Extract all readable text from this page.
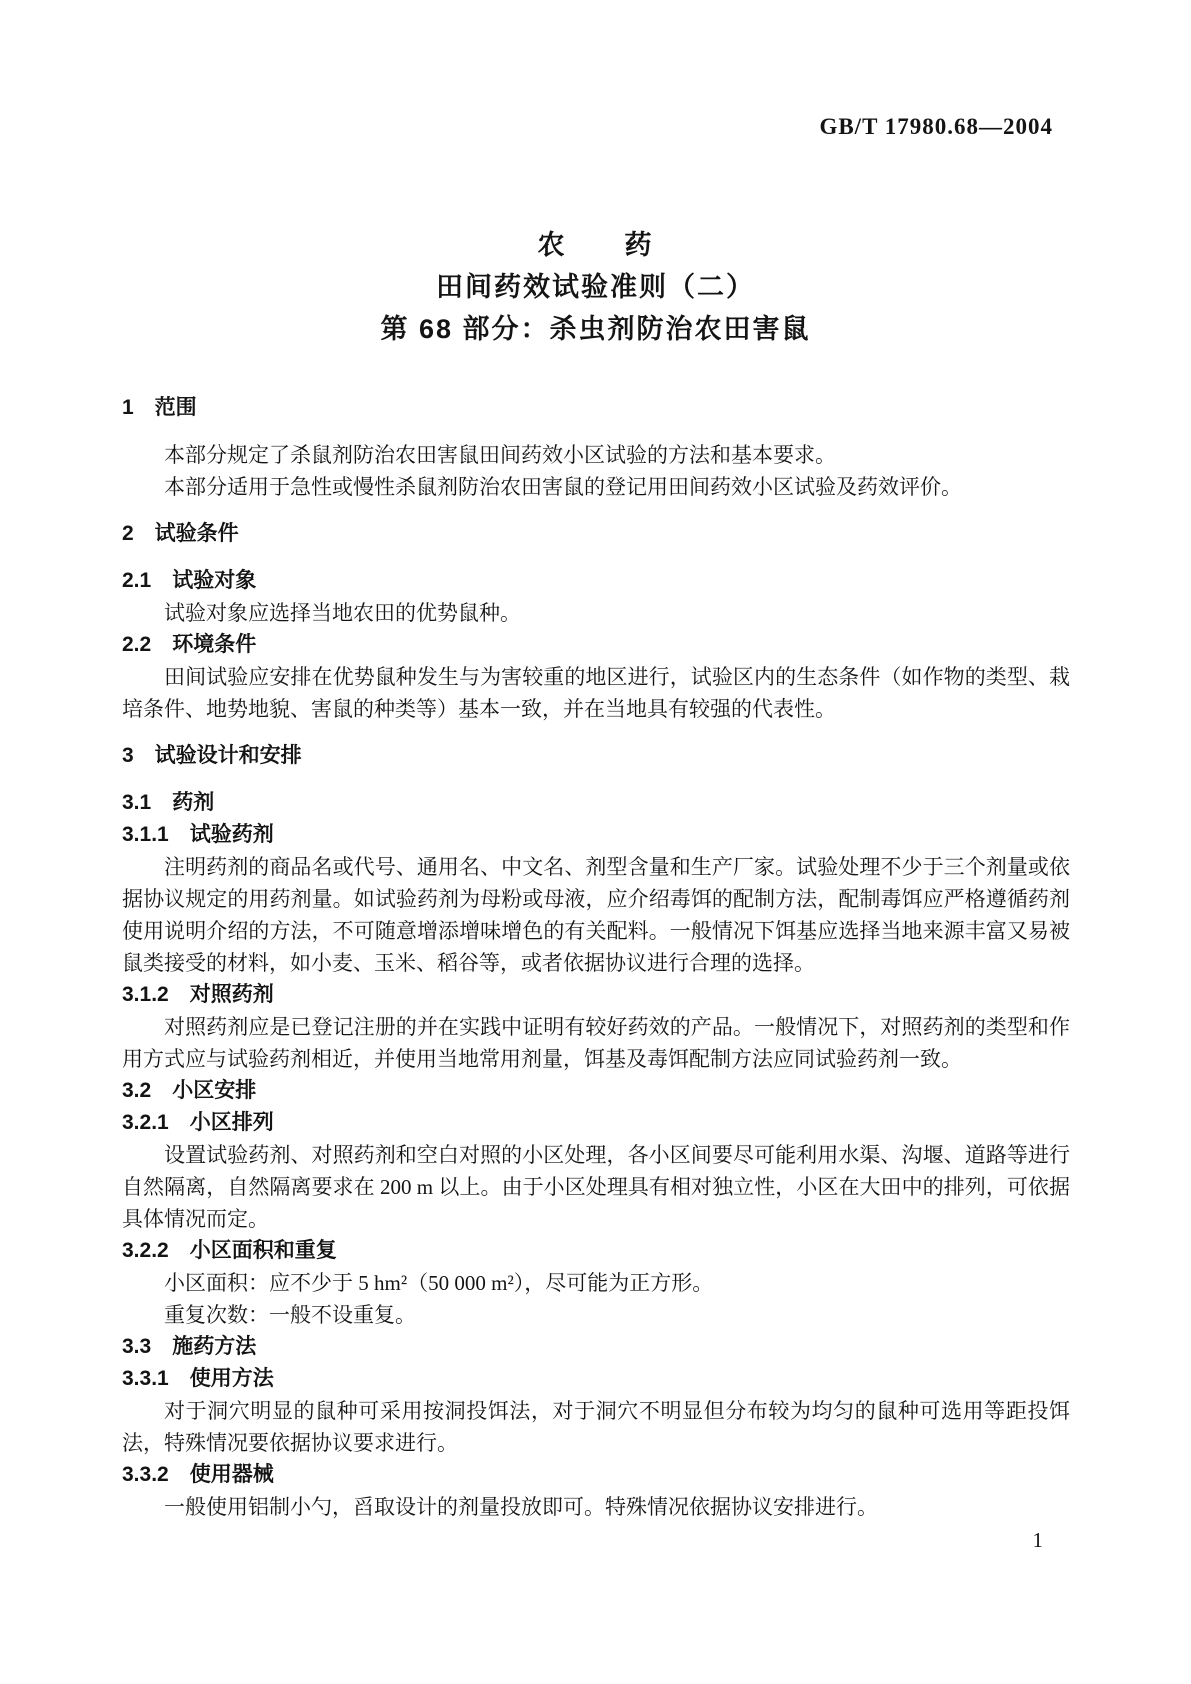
GB/T 17980.68—2004
农　　药
田间药效试验准则（二）
第 68 部分：杀虫剂防治农田害鼠
1　范围

本部分规定了杀鼠剂防治农田害鼠田间药效小区试验的方法和基本要求。

本部分适用于急性或慢性杀鼠剂防治农田害鼠的登记用田间药效小区试验及药效评价。

2　试验条件
2.1　试验对象

试验对象应选择当地农田的优势鼠种。

2.2　环境条件

田间试验应安排在优势鼠种发生与为害较重的地区进行，试验区内的生态条件（如作物的类型、栽培条件、地势地貌、害鼠的种类等）基本一致，并在当地具有较强的代表性。

3　试验设计和安排
3.1　药剂
3.1.1　试验药剂

注明药剂的商品名或代号、通用名、中文名、剂型含量和生产厂家。试验处理不少于三个剂量或依据协议规定的用药剂量。如试验药剂为母粉或母液，应介绍毒饵的配制方法，配制毒饵应严格遵循药剂使用说明介绍的方法，不可随意增添增味增色的有关配料。一般情况下饵基应选择当地来源丰富又易被鼠类接受的材料，如小麦、玉米、稻谷等，或者依据协议进行合理的选择。

3.1.2　对照药剂

对照药剂应是已登记注册的并在实践中证明有较好药效的产品。一般情况下，对照药剂的类型和作用方式应与试验药剂相近，并使用当地常用剂量，饵基及毒饵配制方法应同试验药剂一致。

3.2　小区安排
3.2.1　小区排列

设置试验药剂、对照药剂和空白对照的小区处理，各小区间要尽可能利用水渠、沟堰、道路等进行自然隔离，自然隔离要求在 200 m 以上。由于小区处理具有相对独立性，小区在大田中的排列，可依据具体情况而定。

3.2.2　小区面积和重复

小区面积：应不少于 5 hm²（50 000 m²），尽可能为正方形。

重复次数：一般不设重复。

3.3　施药方法
3.3.1　使用方法

对于洞穴明显的鼠种可采用按洞投饵法，对于洞穴不明显但分布较为均匀的鼠种可选用等距投饵法，特殊情况要依据协议要求进行。

3.3.2　使用器械

一般使用铝制小勺，舀取设计的剂量投放即可。特殊情况依据协议安排进行。

1
